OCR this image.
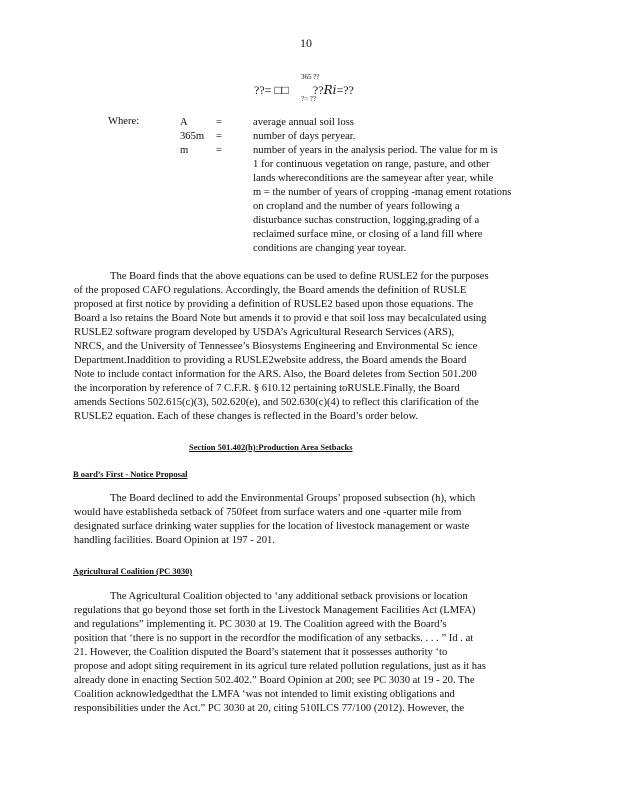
10
365 ??
??= □□ ??𝑅𝑖=??
?= ??
Where:	A	=	average annual soil loss
365m =	number of days peryear.
m	=	number of years in the analysis period. The value for m is
1 for continuous vegetation on range, pasture, and other
lands whereconditions are the sameyear after year, while
m = the number of years of cropping -manag ement rotations
on cropland and the number of years following a
disturbance suchas construction, logging,grading of a
reclaimed surface mine, or closing of a land fill where
conditions are changing year toyear.
The Board finds that the above equations can be used to define RUSLE2 for the purposes
of the proposed CAFO regulations. Accordingly, the Board amends the definition of RUSLE
proposed at first notice by providing a definition of RUSLE2 based upon those equations. The
Board a lso retains the Board Note but amends it to provid e that soil loss may becalculated using
RUSLE2 software program developed by USDA’s Agricultural Research Services (ARS),
NRCS, and the University of Tennessee’s Biosystems Engineering and Environmental Sc ience
Department.Inaddition to providing a RUSLE2website address, the Board amends the Board
Note to include contact information for the ARS. Also, the Board deletes from Section 501.200
the incorporation by reference of 7 C.F.R. § 610.12 pertaining toRUSLE.Finally, the Board
amends Sections 502.615(c)(3), 502.620(e), and 502.630(c)(4) to reflect this clarification of the
RUSLE2 equation. Each of these changes is reflected in the Board’s order below.
Section 501.402(h):Production Area Setbacks
B oard’s First - Notice Proposal
The Board declined to add the Environmental Groups’ proposed subsection (h), which
would have establisheda setback of 750feet from surface waters and one -quarter mile from
designated surface drinking water supplies for the location of livestock management or waste
handling facilities. Board Opinion at 197 - 201.
Agricultural Coalition (PC 3030)
The Agricultural Coalition objected to ‘any additional setback provisions or location
regulations that go beyond those set forth in the Livestock Management Facilities Act (LMFA)
and regulations” implementing it. PC 3030 at 19. The Coalition agreed with the Board’s
position that ‘there is no support in the recordfor the modification of any setbacks. . . . ” Id . at
21. However, the Coalition disputed the Board’s statement that it possesses authority ‘to
propose and adopt siting requirement in its agricul ture related pollution regulations, just as it has
already done in enacting Section 502.402.” Board Opinion at 200; see PC 3030 at 19 - 20. The
Coalition acknowledgedthat the LMFA ‘was not intended to limit existing obligations and
responsibilities under the Act.” PC 3030 at 20, citing 510ILCS 77/100 (2012). However, the
